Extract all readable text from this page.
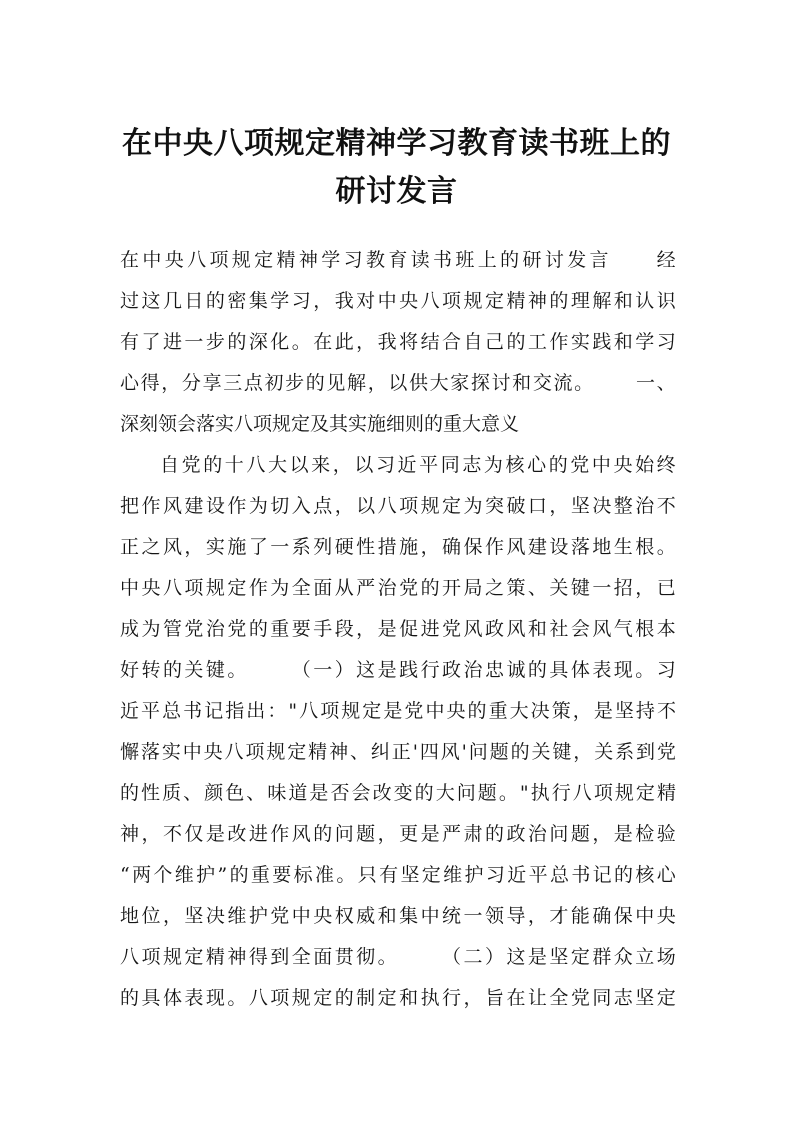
在中央八项规定精神学习教育读书班上的
研讨发言
在 中 央 八 项 规 定 精 神 学 习 教 育 读 书 班 上 的 研 讨 发 言

　	经
过 这 几 日 的 密 集 学 习 ， 我 对 中 央 八 项 规 定 精 神 的 理 解 和 认 识
有 了 进 一 步 的 深 化 。 在 此 ， 我 将 结 合 自 己 的 工 作 实 践 和 学 习
心 得 ， 分 享 三 点 初 步 的 见 解 ， 以 供 大 家 探 讨 和 交 流 。

　 一 、
深刻领会落实八项规定及其实施细则的重大意义
自 党 的 十 八 大 以 来 ， 以 习 近 平 同 志 为 核 心 的 党 中 央 始 终
把 作 风 建 设 作 为 切 入 点 ， 以 八 项 规 定 为 突 破 口 ， 坚 决 整 治 不
正 之 风 ， 实 施 了 一 系 列 硬 性 措 施 ， 确 保 作 风 建 设 落 地 生 根 。
中 央 八 项 规 定 作 为 全 面 从 严 治 党 的 开 局 之 策 、 关 键 一 招 ， 已
成 为 管 党 治 党 的 重 要 手 段 ， 是 促 进 党 风 政 风 和 社 会 风 气 根 本
好 转 的 关 键 。

　 （ 一 ） 这 是 践 行 政 治 忠 诚 的 具 体 表 现 。 习
近 平 总 书 记 指 出 ： " 八 项 规 定 是 党 中 央 的 重 大 决 策 ， 是 坚 持 不
懈 落 实 中 央 八 项 规 定 精 神 、 纠 正 ' 四 风 ' 问 题 的 关 键 ， 关 系 到 党
的 性 质 、 颜 色 、 味 道 是 否 会 改 变 的 大 问 题 。 " 执 行 八 项 规 定 精
神 ， 不 仅 是 改 进 作 风 的 问 题 ， 更 是 严 肃 的 政 治 问 题 ， 是 检 验
“ 两 个 维 护 ” 的 重 要 标 准 。 只 有 坚 定 维 护 习 近 平 总 书 记 的 核 心
地 位 ， 坚 决 维 护 党 中 央 权 威 和 集 中 统 一 领 导 ， 才 能 确 保 中 央
八 项 规 定 精 神 得 到 全 面 贯 彻 。

　 （ 二 ） 这 是 坚 定 群 众 立 场
的 具 体 表 现 。 八 项 规 定 的 制 定 和 执 行 ， 旨 在 让 全 党 同 志 坚 定
